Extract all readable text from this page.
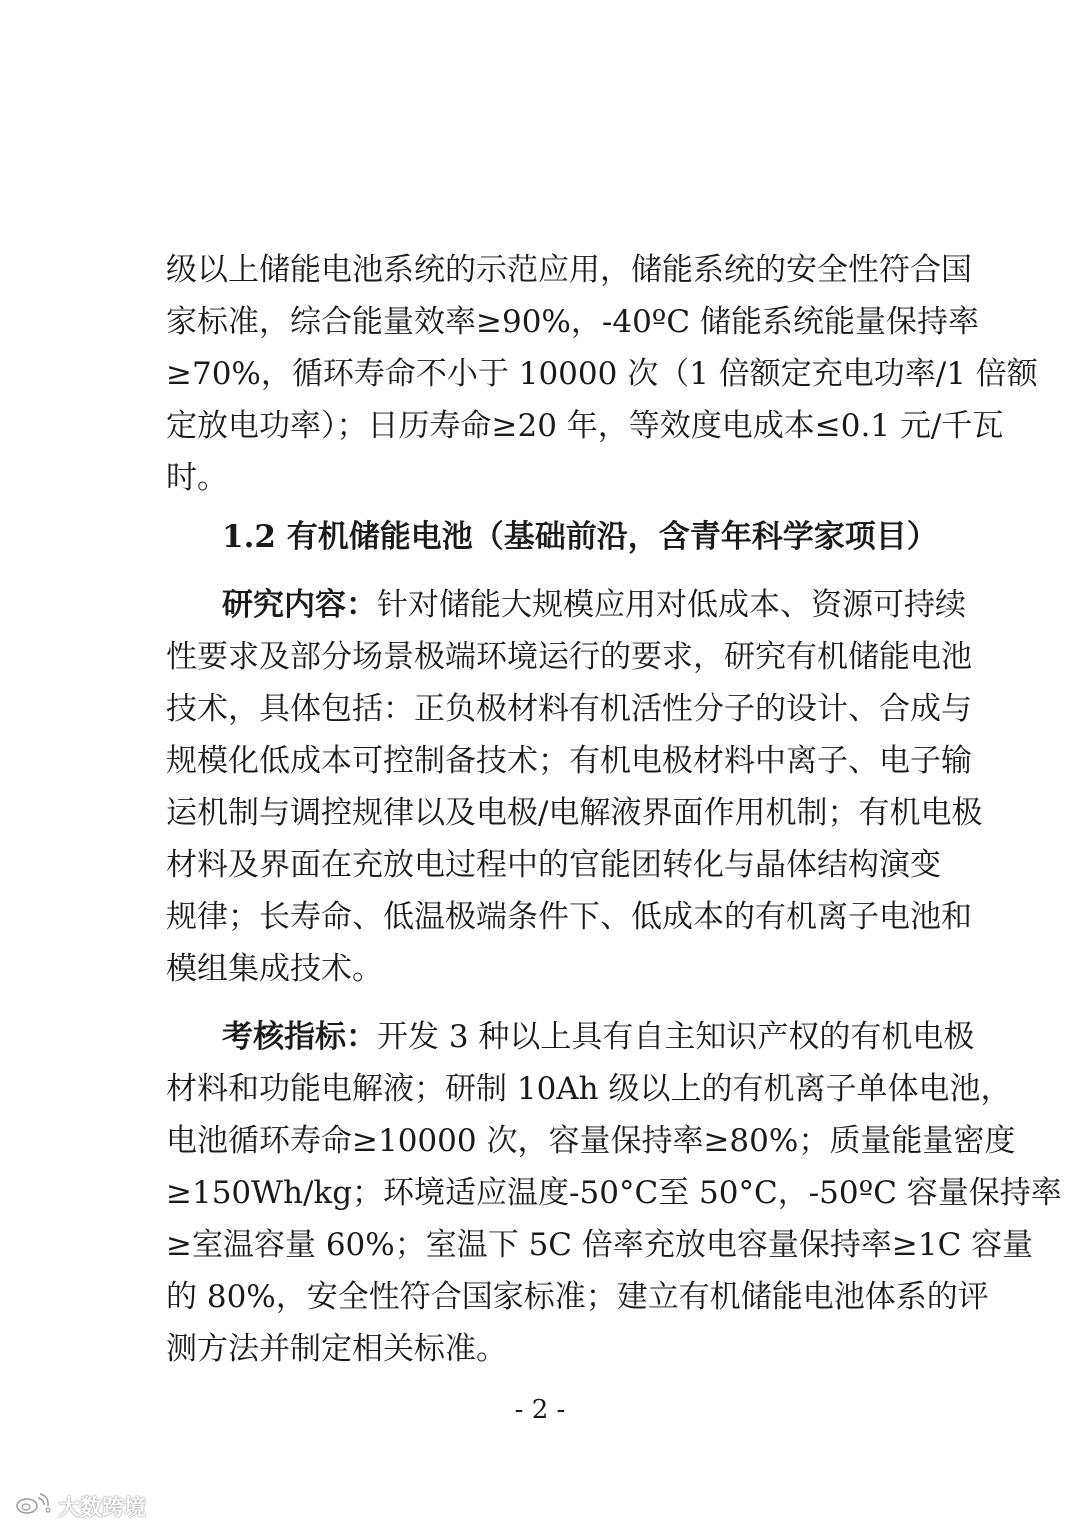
级以上储能电池系统的示范应用，储能系统的安全性符合国
家标准，综合能量效率≥90%，-40ºC 储能系统能量保持率
≥70%，循环寿命不小于 10000 次（1 倍额定充电功率/1 倍额
定放电功率）；日历寿命≥20 年，等效度电成本≤0.1 元/千瓦
时。
1.2 有机储能电池（基础前沿，含青年科学家项目）
研究内容：针对储能大规模应用对低成本、资源可持续
性要求及部分场景极端环境运行的要求，研究有机储能电池
技术，具体包括：正负极材料有机活性分子的设计、合成与
规模化低成本可控制备技术；有机电极材料中离子、电子输
运机制与调控规律以及电极/电解液界面作用机制；有机电极
材料及界面在充放电过程中的官能团转化与晶体结构演变
规律；长寿命、低温极端条件下、低成本的有机离子电池和
模组集成技术。
考核指标：开发 3 种以上具有自主知识产权的有机电极
材料和功能电解液；研制 10Ah 级以上的有机离子单体电池，
电池循环寿命≥10000 次，容量保持率≥80%；质量能量密度
≥150Wh/kg；环境适应温度-50°C至 50°C，-50ºC 容量保持率
≥室温容量 60%；室温下 5C 倍率充放电容量保持率≥1C 容量
的 80%，安全性符合国家标准；建立有机储能电池体系的评
测方法并制定相关标准。
- 2 -
大数跨境
